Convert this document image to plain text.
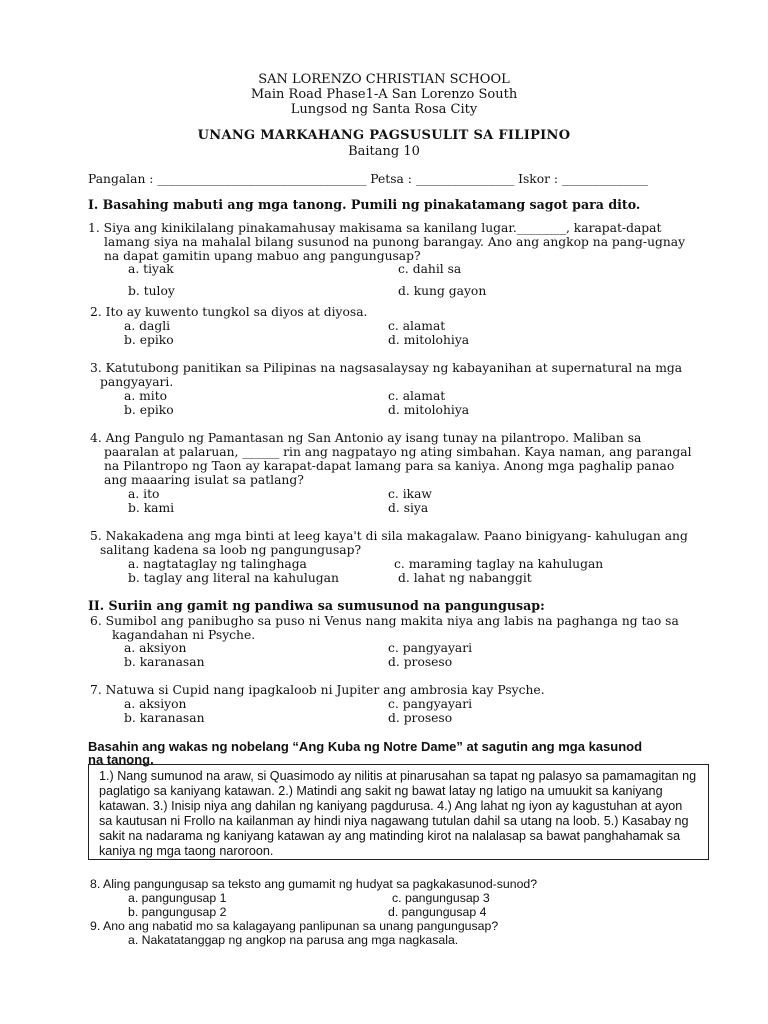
SAN LORENZO CHRISTIAN SCHOOL
Main Road Phase1-A San Lorenzo South
Lungsod ng Santa Rosa City
UNANG MARKAHANG PAGSUSULIT SA FILIPINO
Baitang 10
Pangalan : __________________________________ Petsa : ________________ Iskor : ______________
I. Basahing mabuti ang mga tanong. Pumili ng pinakatamang sagot para dito.
1. Siya ang kinikilalang pinakamahusay makisama sa kanilang lugar.________, karapat-dapat
lamang siya na mahalal bilang susunod na punong barangay. Ano ang angkop na pang-ugnay
na dapat gamitin upang mabuo ang pangungusap?
a. tiyak	c. dahil sa
b. tuloy	d. kung gayon
2. Ito ay kuwento tungkol sa diyos at diyosa.
a. dagli	c. alamat
b. epiko	d. mitolohiya
3. Katutubong panitikan sa Pilipinas na nagsasalaysay ng kabayanihan at supernatural na mga
pangyayari.
a. mito	c. alamat
b. epiko	d. mitolohiya
4. Ang Pangulo ng Pamantasan ng San Antonio ay isang tunay na pilantropo. Maliban sa
paaralan at palaruan, ______ rin ang nagpatayo ng ating simbahan. Kaya naman, ang parangal
na Pilantropo ng Taon ay karapat-dapat lamang para sa kaniya. Anong mga paghalip panao
ang maaaring isulat sa patlang?
a. ito	c. ikaw
b. kami	d. siya
5. Nakakadena ang mga binti at leeg kaya't di sila makagalaw. Paano binigyang- kahulugan ang
salitang kadena sa loob ng pangungusap?
a. nagtataglay ng talinghaga	c. maraming taglay na kahulugan
b. taglay ang literal na kahulugan	d. lahat ng nabanggit
II. Suriin ang gamit ng pandiwa sa sumusunod na pangungusap:
6. Sumibol ang panibugho sa puso ni Venus nang makita niya ang labis na paghanga ng tao sa
kagandahan ni Psyche.
a. aksiyon	c. pangyayari
b. karanasan	d. proseso
7. Natuwa si Cupid nang ipagkaloob ni Jupiter ang ambrosia kay Psyche.
a. aksiyon	c. pangyayari
b. karanasan	d. proseso
Basahin ang wakas ng nobelang “Ang Kuba ng Notre Dame” at sagutin ang mga kasunod
na tanong.

1.) Nang sumunod na araw, si Quasimodo ay nilitis at pinarusahan sa tapat ng palasyo sa pamamagitan ng paglatigo sa kaniyang katawan. 2.) Matindi ang sakit ng bawat latay ng latigo na umuukit sa kaniyang katawan. 3.) Inisip niya ang dahilan ng kaniyang pagdurusa. 4.) Ang lahat ng iyon ay kagustuhan at ayon sa kautusan ni Frollo na kailanman ay hindi niya nagawang tutulan dahil sa utang na loob. 5.) Kasabay ng sakit na nadarama ng kaniyang katawan ay ang matinding kirot na nalalasap sa bawat panghahamak sa kaniya ng mga taong naroroon.

8. Aling pangungusap sa teksto ang gumamit ng hudyat sa pagkakasunod-sunod?
a. pangungusap 1	c. pangungusap 3
b. pangungusap 2	d. pangungusap 4
9. Ano ang nabatid mo sa kalagayang panlipunan sa unang pangungusap?
a. Nakatatanggap ng angkop na parusa ang mga nagkasala.
